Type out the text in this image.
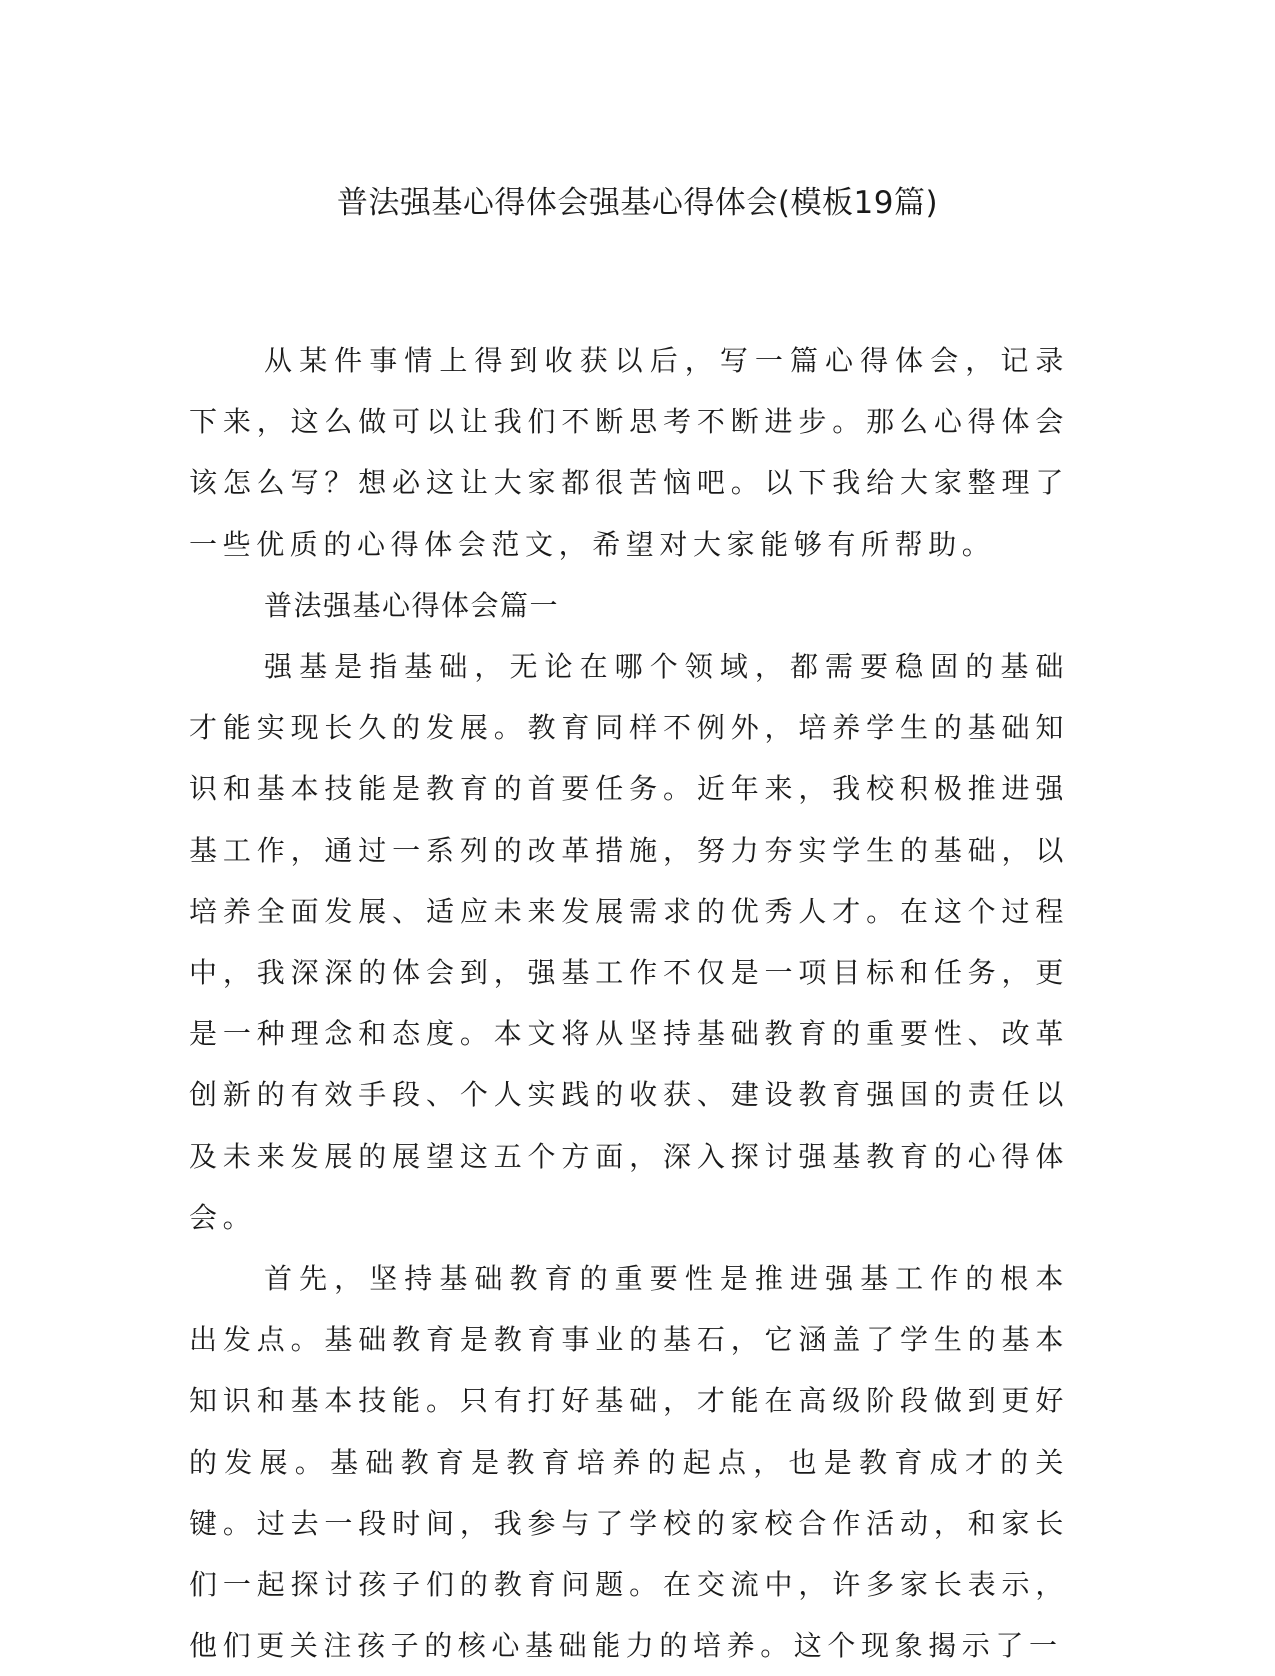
普法强基心得体会强基心得体会(模板19篇)

从某件事情上得到收获以后，写一篇心得体会，记录下来，这么做可以让我们不断思考不断进步。那么心得体会该怎么写？想必这让大家都很苦恼吧。以下我给大家整理了一些优质的心得体会范文，希望对大家能够有所帮助。

普法强基心得体会篇一

强基是指基础，无论在哪个领域，都需要稳固的基础才能实现长久的发展。教育同样不例外，培养学生的基础知识和基本技能是教育的首要任务。近年来，我校积极推进强基工作，通过一系列的改革措施，努力夯实学生的基础，以培养全面发展、适应未来发展需求的优秀人才。在这个过程中，我深深的体会到，强基工作不仅是一项目标和任务，更是一种理念和态度。本文将从坚持基础教育的重要性、改革创新的有效手段、个人实践的收获、建设教育强国的责任以及未来发展的展望这五个方面，深入探讨强基教育的心得体会。

首先，坚持基础教育的重要性是推进强基工作的根本出发点。基础教育是教育事业的基石，它涵盖了学生的基本知识和基本技能。只有打好基础，才能在高级阶段做到更好的发展。基础教育是教育培养的起点，也是教育成才的关键。过去一段时间，我参与了学校的家校合作活动，和家长们一起探讨孩子们的教育问题。在交流中，许多家长表示，他们更关注孩子的核心基础能力的培养。这个现象揭示了一
